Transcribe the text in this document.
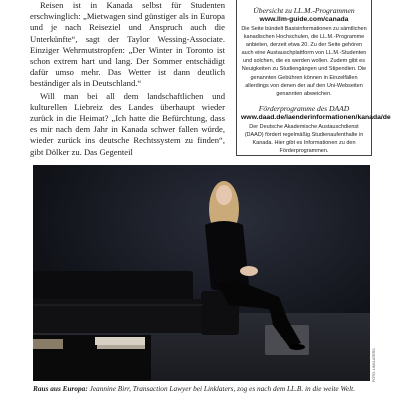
Reisen ist in Kanada selbst für Studenten erschwinglich: „Mietwagen sind günstiger als in Europa und je nach Reiseziel und Anspruch auch die Unterkünfte“, sagt der Taylor Wessing-Associate. Einziger Wehrmutstropfen: „Der Winter in Toronto ist schon extrem hart und lang. Der Sommer entschädigt dafür umso mehr. Das Wetter ist dann deutlich beständiger als in Deutschland.“

Will man bei all dem landschaftlichen und kulturellen Liebreiz des Landes überhaupt wieder zurück in die Heimat? „Ich hatte die Befürchtung, dass es mir nach dem Jahr in Kanada schwer fallen würde, wieder zurück ins deutsche Rechtssystem zu finden“, gibt Dölker zu. Das Gegenteil

Übersicht zu LL.M.-Programmen
www.llm-guide.com/canada
Die Seite bündelt Basisinformationen zu sämtlichen kanadischen Hochschulen, die LL.M.-Programme anbieten, derzeit etwa 20. Zu der Seite gehören auch eine Austauschplattform von LL.M.-Studenten und solchen, die es werden wollen. Zudem gibt es Neuigkeiten zu Studiengängen und Stipendien. Die genannten Gebühren können in Einzelfällen allerdings von denen der auf den Uni-Webseiten genannten abweichen.
Förderprogramme des DAAD
www.daad.de/laenderinformationen/kanada/de
Der Deutsche Akademische Austauschdienst (DAAD) fördert regelmäßig Studienaufenthalte in Kanada. Hier gibt es Informationen zu den Förderprogrammen.
FOTO: LINKLATERS
Raus aus Europa: Jeannine Birr, Transaction Lawyer bei Linklaters, zog es nach dem LL.B. in die weite Welt.
